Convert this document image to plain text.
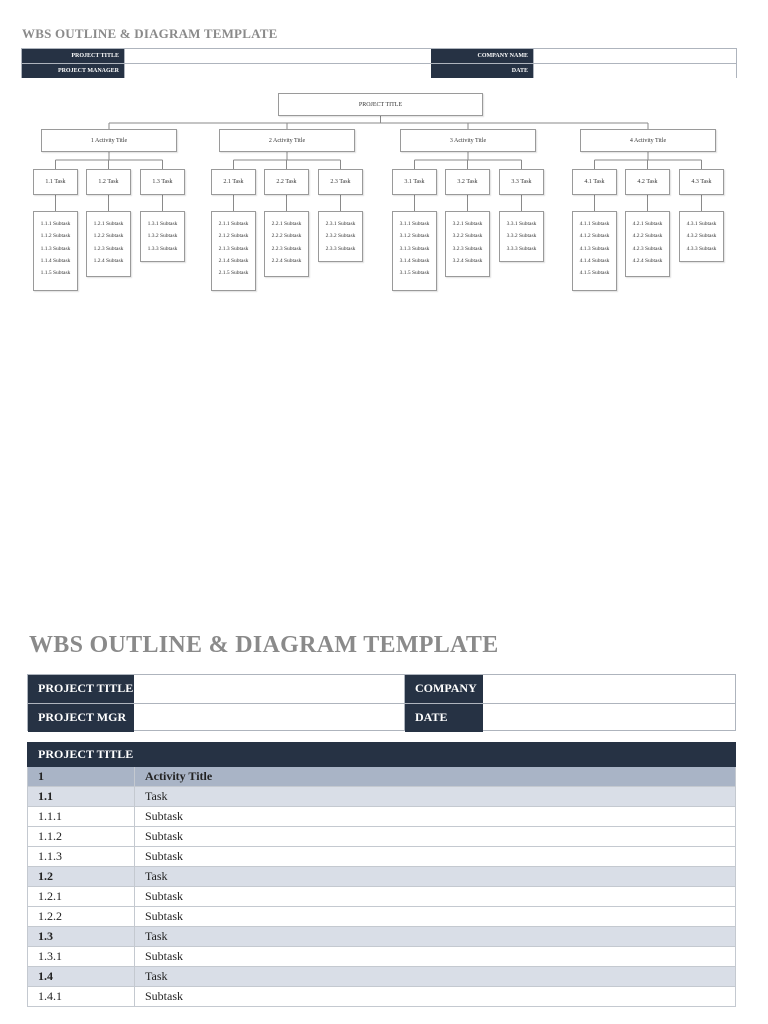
WBS OUTLINE & DIAGRAM TEMPLATE
PROJECT TITLE	COMPANY NAME
PROJECT MANAGER	DATE
PROJECT TITLE
1 Activity Title
1.1 Task
1.1.1 Subtask
1.1.2 Subtask
1.1.3 Subtask
1.1.4 Subtask
1.1.5 Subtask
1.2 Task
1.2.1 Subtask
1.2.2 Subtask
1.2.3 Subtask
1.2.4 Subtask
1.3 Task
1.3.1 Subtask
1.3.2 Subtask
1.3.3 Subtask
2 Activity Title
2.1 Task
2.1.1 Subtask
2.1.2 Subtask
2.1.3 Subtask
2.1.4 Subtask
2.1.5 Subtask
2.2 Task
2.2.1 Subtask
2.2.2 Subtask
2.2.3 Subtask
2.2.4 Subtask
2.3 Task
2.3.1 Subtask
2.3.2 Subtask
2.3.3 Subtask
3 Activity Title
3.1 Task
3.1.1 Subtask
3.1.2 Subtask
3.1.3 Subtask
3.1.4 Subtask
3.1.5 Subtask
3.2 Task
3.2.1 Subtask
3.2.2 Subtask
3.2.3 Subtask
3.2.4 Subtask
3.3 Task
3.3.1 Subtask
3.3.2 Subtask
3.3.3 Subtask
4 Activity Title
4.1 Task
4.1.1 Subtask
4.1.2 Subtask
4.1.3 Subtask
4.1.4 Subtask
4.1.5 Subtask
4.2 Task
4.2.1 Subtask
4.2.2 Subtask
4.2.3 Subtask
4.2.4 Subtask
4.3 Task
4.3.1 Subtask
4.3.2 Subtask
4.3.3 Subtask
WBS OUTLINE & DIAGRAM TEMPLATE
PROJECT TITLE	COMPANY
PROJECT MGR	DATE
PROJECT TITLE	
1	Activity Title
1.1	Task
1.1.1	Subtask
1.1.2	Subtask
1.1.3	Subtask
1.2	Task
1.2.1	Subtask
1.2.2	Subtask
1.3	Task
1.3.1	Subtask
1.4	Task
1.4.1	Subtask
